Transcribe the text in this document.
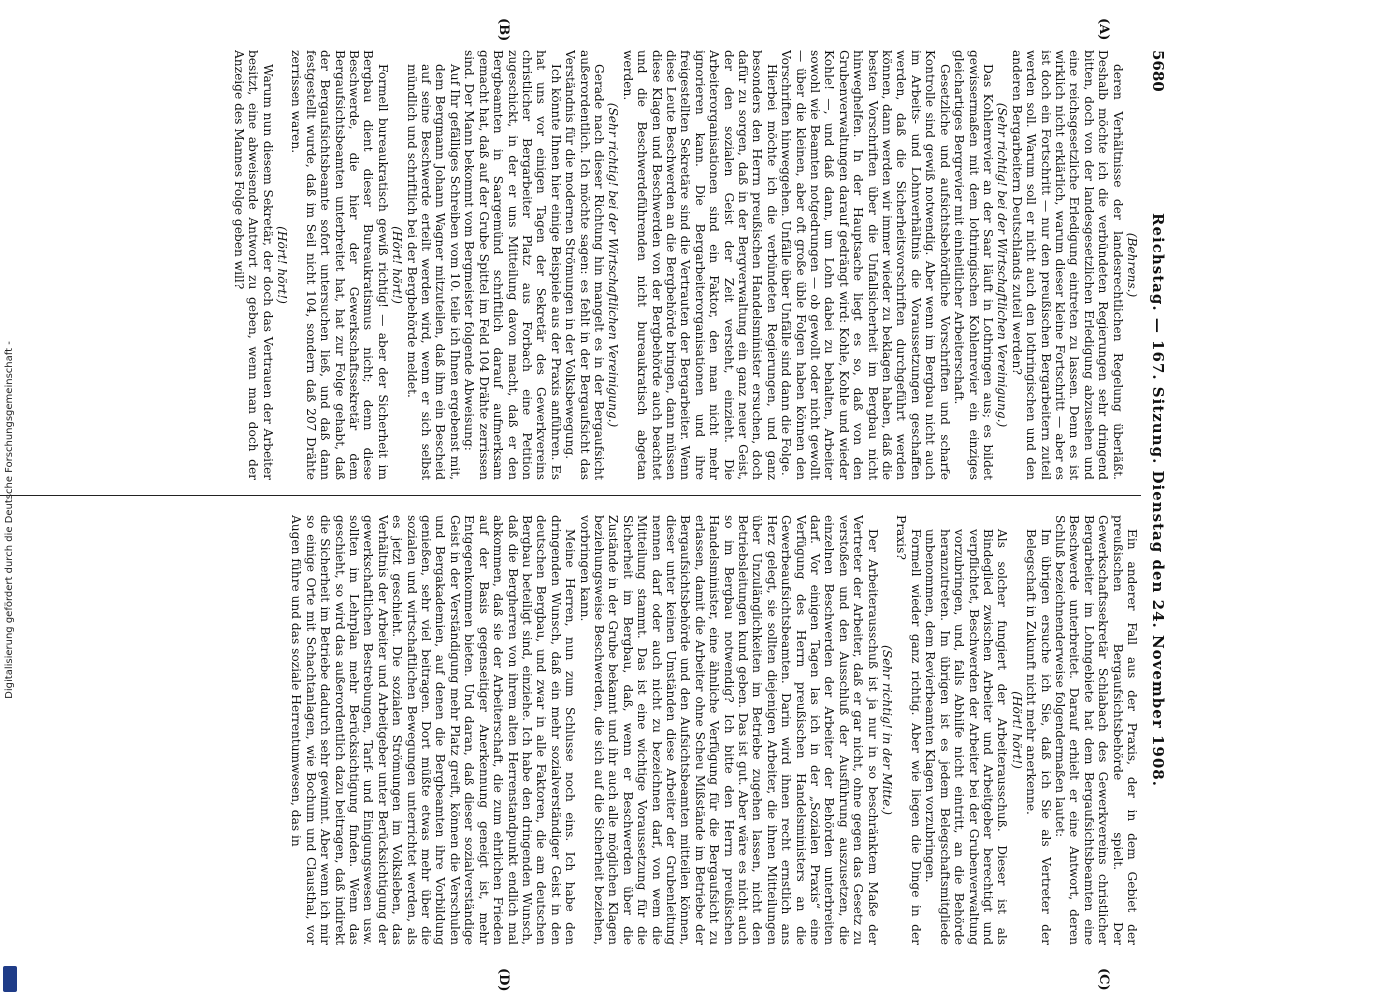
5680
Reichstag. — 167. Sitzung. Dienstag den 24. November 1908.
(A)
(B)
(C)
(D)

(Behrens.)

deren Verhältnisse der landesrechtlichen Regelung überläßt. Deshalb möchte ich die verbündeten Regierungen sehr dringend bitten, doch von der landesgesetzlichen Erledigung abzusehen und eine reichsgesetzliche Erledigung eintreten zu lassen. Denn es ist wirklich nicht erklärlich, warum dieser kleine Fortschritt — aber es ist doch ein Fortschritt — nur den preußischen Bergarbeitern zuteil werden soll. Warum soll er nicht auch den lothringischen und den anderen Bergarbeitern Deutschlands zuteil werden?

(Sehr richtig! bei der Wirtschaftlichen Vereinigung.)

Das Kohlenrevier an der Saar läuft in Lothringen aus; es bildet gewissermaßen mit dem lothringischen Kohlenrevier ein einziges gleichartiges Bergrevier mit einheitlicher Arbeiterschaft.

Gesetzliche und aufsichtsbehördliche Vorschriften und scharfe Kontrolle sind gewiß notwendig. Aber wenn im Bergbau nicht auch im Arbeits- und Lohnverhältnis die Voraussetzungen geschaffen werden, daß die Sicherheitsvorschriften durchgeführt werden können, dann werden wir immer wieder zu beklagen haben, daß die besten Vorschriften über die Unfallsicherheit im Bergbau nicht hinweghelfen. In der Hauptsache liegt es so, daß von den Grubenverwaltungen darauf gedrängt wird: Kohle, Kohle und wieder Kohle! —, und daß dann, um Lohn dabei zu behalten, Arbeiter sowohl wie Beamten notgedrungen — ob gewollt oder nicht gewollt — über die kleinen, aber oft große üble Folgen haben können den Vorschriften hinweggehen. Unfälle über Unfälle sind dann die Folge.

Hierbei möchte ich die verbündeten Regierungen, und ganz besonders den Herrn preußischen Handelsminister ersuchen, doch dafür zu sorgen, daß in der Bergverwaltung ein ganz neuer Geist, der den sozialen Geist der Zeit versteht, einzieht. Die Arbeiterorganisationen sind ein Faktor, den man nicht mehr ignorieren kann. Die Bergarbeiterorganisationen und ihre freigestellten Sekretäre sind die Vertrauten der Bergarbeiter. Wenn diese Leute Beschwerden an die Bergbehörde bringen, dann müssen diese Klagen und Beschwerden von der Bergbehörde auch beachtet und die Beschwerdeführenden nicht bureaukratisch abgetan werden.

(Sehr richtig! bei der Wirtschaftlichen Vereinigung.)

Gerade nach dieser Richtung hin mangelt es in der Bergaufsicht außerordentlich. Ich möchte sagen: es fehlt in der Bergaufsicht das Verständnis für die modernen Strömungen in der Volksbewegung.

Ich könnte Ihnen hier einige Beispiele aus der Praxis anführen. Es hat uns vor einigen Tagen der Sekretär des Gewerkvereins christlicher Bergarbeiter Platz aus Forbach eine Petition zugeschickt, in der er uns Mitteilung davon macht, daß er den Bergbeamten in Saargemünd schriftlich darauf aufmerksam gemacht hat, daß auf der Grube Spittel im Feld 104 Drähte zerrissen sind. Der Mann bekommt vom Bergmeister folgende Abweisung:

Auf Ihr gefälliges Schreiben vom 10. teile ich Ihnen ergebenst mit, dem Bergmann Johann Wagner mitzuteilen, daß ihm ein Bescheid auf seine Beschwerde erteilt werden wird, wenn er sich selbst mündlich und schriftlich bei der Bergbehörde meldet.

(Hört! hört!)

Formell bureaukratisch gewiß richtig! — aber der Sicherheit im Bergbau dient dieser Bureaukratismus nicht; denn diese Beschwerde, die hier der Gewerkschaftssekretär dem Bergaufsichtsbeamten unterbreitet hat, hat zur Folge gehabt, daß der Bergaufsichtsbeamte sofort untersuchen ließ, und daß dann festgestellt wurde, daß im Seil nicht 104, sondern daß 207 Drähte zerrissen waren.

(Hört! hört!)

Warum nun diesem Sekretär, der doch das Vertrauen der Arbeiter besitzt, eine abweisende Antwort zu geben, wenn man doch der Anzeige des Mannes Folge geben will?

Ein anderer Fall aus der Praxis, der in dem Gebiet der preußischen Bergaufsichtsbehörde spielt. Der Gewerkschaftssekretär Schlabach des Gewerkvereins christlicher Bergarbeiter im Lohngebiete hat dem Bergaufsichtsbeamten eine Beschwerde unterbreitet. Darauf erhielt er eine Antwort, deren Schluß bezeichnenderweise folgendermaßen lautet:

Im übrigen ersuche ich Sie, daß ich Sie als Vertreter der Belegschaft in Zukunft nicht mehr anerkenne.

(Hört! hört!)

Als solcher fungiert der Arbeiterausschuß. Dieser ist als Bindeglied zwischen Arbeiter und Arbeitgeber berechtigt und verpflichtet, Beschwerden der Arbeiter bei der Grubenverwaltung vorzubringen, und, falls Abhilfe nicht eintritt, an die Behörde heranzutreten. Im übrigen ist es jedem Belegschaftsmitgliede unbenommen, dem Revierbeamten Klagen vorzubringen.

Formell wieder ganz richtig. Aber wie liegen die Dinge in der Praxis?

(Sehr richtig! in der Mitte.)

Der Arbeiterausschuß ist ja nur in so beschränktem Maße der Vertreter der Arbeiter, daß er gar nicht, ohne gegen das Gesetz zu verstoßen und den Ausschluß der Ausführung auszusetzen, die einzelnen Beschwerden der Arbeiter der Behörden unterbreiten darf. Vor einigen Tagen las ich in der „Sozialen Praxis“ eine Verfügung des Herrn preußischen Handelsministers an die Gewerbeaufsichtsbeamten. Darin wird ihnen recht ernstlich ans Herz gelegt, sie sollten diejenigen Arbeiter, die ihnen Mitteilungen über Unzulänglichkeiten im Betriebe zugehen lassen, nicht den Betriebsleitungen kund geben. Das ist gut. Aber wäre es nicht auch so im Bergbau notwendig? Ich bitte den Herrn preußischen Handelsminister, eine ähnliche Verfügung für die Bergaufsicht zu erlassen, damit die Arbeiter ohne Scheu Mißstände im Betriebe der Bergaufsichtsbehörde und den Aufsichtsbeamten mitteilen können, dieser unter keinen Umständen diese Arbeiter der Grubenleitung nennen darf oder auch nicht zu bezeichnen darf, von wem die Mitteilung stammt. Das ist eine wichtige Voraussetzung für die Sicherheit im Bergbau, daß, wenn er Beschwerden über die Zustände in der Grube bekannt und ihr auch alle möglichen Klagen beziehungsweise Beschwerden, die sich auf die Sicherheit beziehen, vorbringen kann.

Meine Herren, nun zum Schlusse noch eins. Ich habe den dringenden Wunsch, daß ein mehr sozialverständiger Geist in den deutschen Bergbau, und zwar in alle Faktoren, die am deutschen Bergbau beteiligt sind, einziehe. Ich habe den dringenden Wunsch, daß die Bergherren von ihrem alten Herrenstandpunkt endlich mal abkommen, daß sie der Arbeiterschaft, die zum ehrlichen Frieden auf der Basis gegenseitiger Anerkennung geneigt ist, mehr Entgegenkommen bieten. Und daran, daß dieser sozialverständige Geist in der Verständigung mehr Platz greift, können die Verschulen und Bergakademien, auf denen die Bergbeamten ihre Vorbildung genießen, sehr viel beitragen. Dort müßte etwas mehr über die sozialen und wirtschaftlichen Bewegungen unterrichtet werden, als es jetzt geschieht. Die sozialen Strömungen im Volksleben, das Verhältnis der Arbeiter und Arbeitgeber unter Berücksichtigung der gewerkschaftlichen Bestrebungen, Tarif- und Einigungswesen usw. sollten im Lehrplan mehr Berücksichtigung finden. Wenn das geschieht, so wird das außerordentlich dazu beitragen, daß indirekt die Sicherheit im Betriebe dadurch sehr gewinnt. Aber wenn ich mir so einige Orte mit Schachtanlagen, wie Bochum und Clausthal, vor Augen führe und das soziale Herrentumwesen, das in

Digitalisierung gefördert durch die Deutsche Forschungsgemeinschaft -
